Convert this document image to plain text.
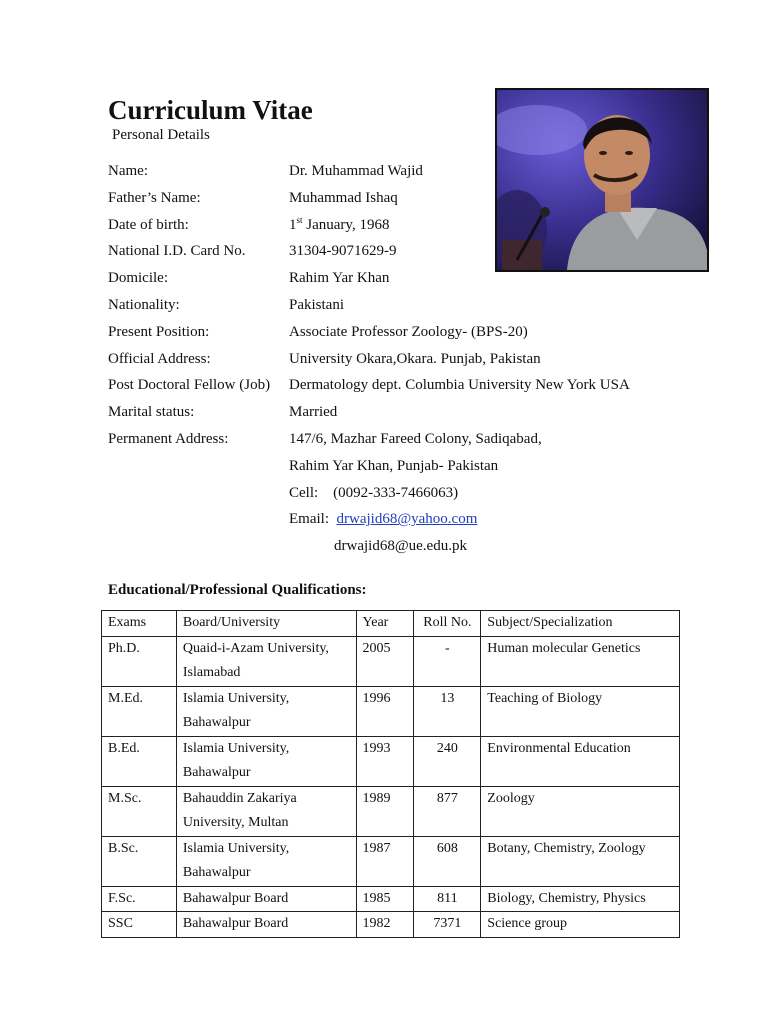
Curriculum Vitae
Personal Details
Name:	Dr. Muhammad Wajid
Father’s Name:	Muhammad Ishaq
Date of birth:	1st January, 1968
National I.D. Card No.	31304-9071629-9
Domicile:	Rahim Yar Khan
Nationality:	Pakistani
Present Position:	Associate Professor Zoology- (BPS-20)
Official Address:	University Okara,Okara. Punjab, Pakistan
Post Doctoral Fellow (Job) Dermatology dept. Columbia University New York USA
Marital status:	Married
Permanent Address:	147/6, Mazhar Fareed Colony, Sadiqabad,
Rahim Yar Khan, Punjab- Pakistan
Cell: (0092-333-7466063)
Email: drwajid68@yahoo.com
drwajid68@ue.edu.pk
Educational/Professional Qualifications:
Exams	Board/University	Year	Roll No.	Subject/Specialization
Ph.D.	Quaid-i-Azam University,
Islamabad	2005	-	Human molecular Genetics
M.Ed.	Islamia University,
Bahawalpur	1996	13	Teaching of Biology
B.Ed.	Islamia University,
Bahawalpur	1993	240	Environmental Education
M.Sc.	Bahauddin Zakariya
University, Multan	1989	877	Zoology
B.Sc.	Islamia University,
Bahawalpur	1987	608	Botany, Chemistry, Zoology
F.Sc.	Bahawalpur Board	1985	811	Biology, Chemistry, Physics
SSC	Bahawalpur Board	1982	7371	Science group
